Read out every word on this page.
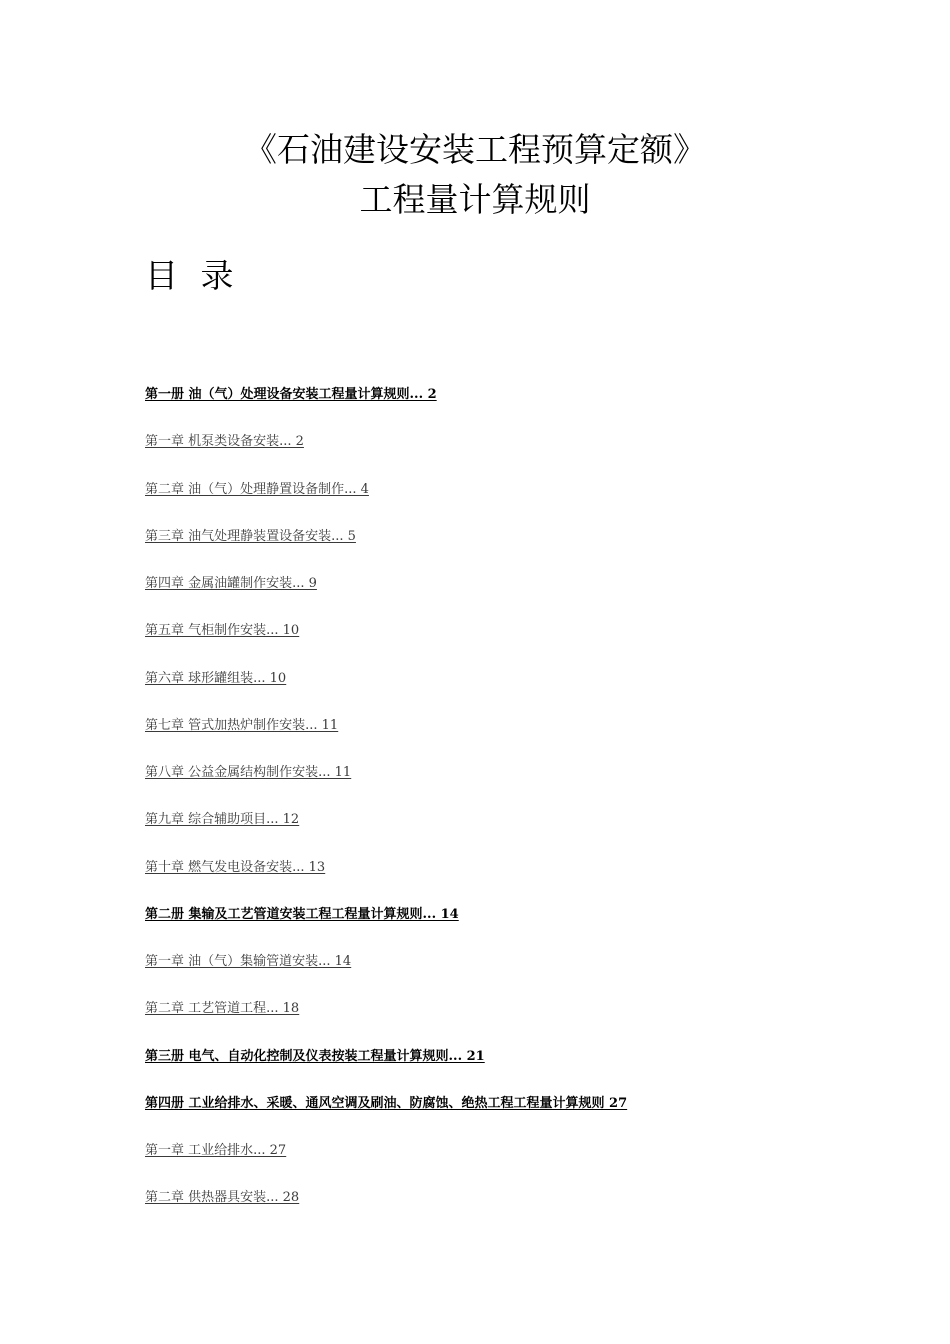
《石油建设安装工程预算定额》
工程量计算规则
目 录
第一册 油（气）处理设备安装工程量计算规则... 2
第一章 机泵类设备安装... 2
第二章 油（气）处理静置设备制作... 4
第三章 油气处理静装置设备安装... 5
第四章 金属油罐制作安装... 9
第五章 气柜制作安装... 10
第六章 球形罐组装... 10
第七章 管式加热炉制作安装... 11
第八章 公益金属结构制作安装... 11
第九章 综合辅助项目... 12
第十章 燃气发电设备安装... 13
第二册 集输及工艺管道安装工程工程量计算规则... 14
第一章 油（气）集输管道安装... 14
第二章 工艺管道工程... 18
第三册 电气、自动化控制及仪表按装工程量计算规则... 21
第四册 工业给排水、采暖、通风空调及刷油、防腐蚀、绝热工程工程量计算规则 27
第一章 工业给排水... 27
第二章 供热器具安装... 28
